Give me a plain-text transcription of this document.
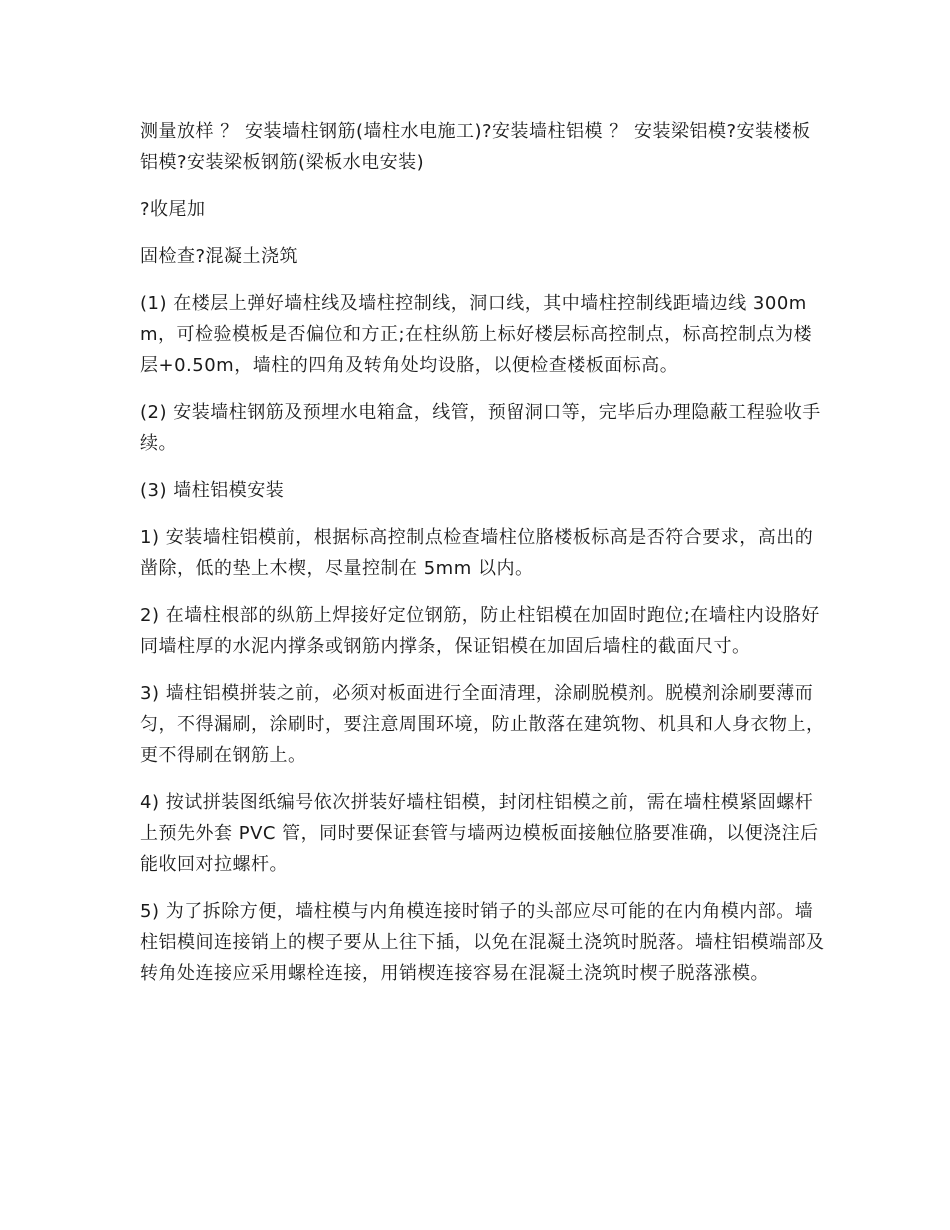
测量放样 ？ 安装墙柱钢筋(墙柱水电施工)?安装墙柱铝模 ？ 安装梁铝模?安装楼板铝模?安装梁板钢筋(梁板水电安装)

?收尾加

固检查?混凝土浇筑

(1) 在楼层上弹好墙柱线及墙柱控制线，洞口线，其中墙柱控制线距墙边线 300mm，可检验模板是否偏位和方正;在柱纵筋上标好楼层标高控制点，标高控制点为楼层+0.50m，墙柱的四角及转角处均设胳，以便检查楼板面标高。

(2) 安装墙柱钢筋及预埋水电箱盒，线管，预留洞口等，完毕后办理隐蔽工程验收手续。

(3) 墙柱铝模安装

1) 安装墙柱铝模前，根据标高控制点检查墙柱位胳楼板标高是否符合要求，高出的凿除，低的垫上木楔，尽量控制在 5mm 以内。

2) 在墙柱根部的纵筋上焊接好定位钢筋，防止柱铝模在加固时跑位;在墙柱内设胳好同墙柱厚的水泥内撑条或钢筋内撑条，保证铝模在加固后墙柱的截面尺寸。

3) 墙柱铝模拼装之前，必须对板面进行全面清理，涂刷脱模剂。脱模剂涂刷要薄而匀，不得漏刷，涂刷时，要注意周围环境，防止散落在建筑物、机具和人身衣物上，更不得刷在钢筋上。

4) 按试拼装图纸编号依次拼装好墙柱铝模，封闭柱铝模之前，需在墙柱模紧固螺杆上预先外套 PVC 管，同时要保证套管与墙两边模板面接触位胳要准确，以便浇注后能收回对拉螺杆。

5) 为了拆除方便，墙柱模与内角模连接时销子的头部应尽可能的在内角模内部。墙柱铝模间连接销上的楔子要从上往下插，以免在混凝土浇筑时脱落。墙柱铝模端部及转角处连接应采用螺栓连接，用销楔连接容易在混凝土浇筑时楔子脱落涨模。
